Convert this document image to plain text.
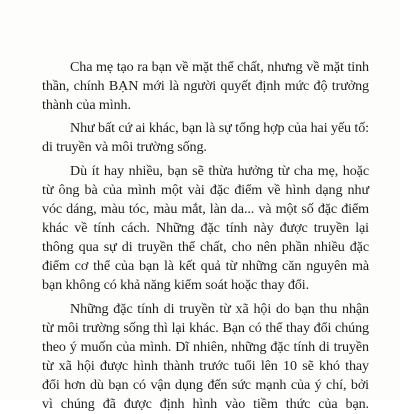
Cha mẹ tạo ra bạn về mặt thể chất, nhưng về mặt tinh

thần, chính BẠN mới là người quyết định mức độ trưởng

thành của mình.

Như bất cứ ai khác, bạn là sự tổng hợp của hai yếu tố:

di truyền và môi trường sống.

Dù ít hay nhiều, bạn sẽ thừa hưởng từ cha mẹ, hoặc

từ ông bà của mình một vài đặc điểm về hình dạng như

vóc dáng, màu tóc, màu mắt, làn da... và một số đặc điểm

khác về tính cách. Những đặc tính này được truyền lại

thông qua sự di truyền thể chất, cho nên phần nhiều đặc

điểm cơ thể của bạn là kết quả từ những căn nguyên mà

bạn không có khả năng kiểm soát hoặc thay đổi.

Những đặc tính di truyền từ xã hội do bạn thu nhận

từ môi trường sống thì lại khác. Bạn có thể thay đổi chúng

theo ý muốn của mình. Dĩ nhiên, những đặc tính di truyền

từ xã hội được hình thành trước tuổi lên 10 sẽ khó thay

đổi hơn dù bạn có vận dụng đến sức mạnh của ý chí, bởi

vì chúng đã được định hình vào tiềm thức của bạn.
